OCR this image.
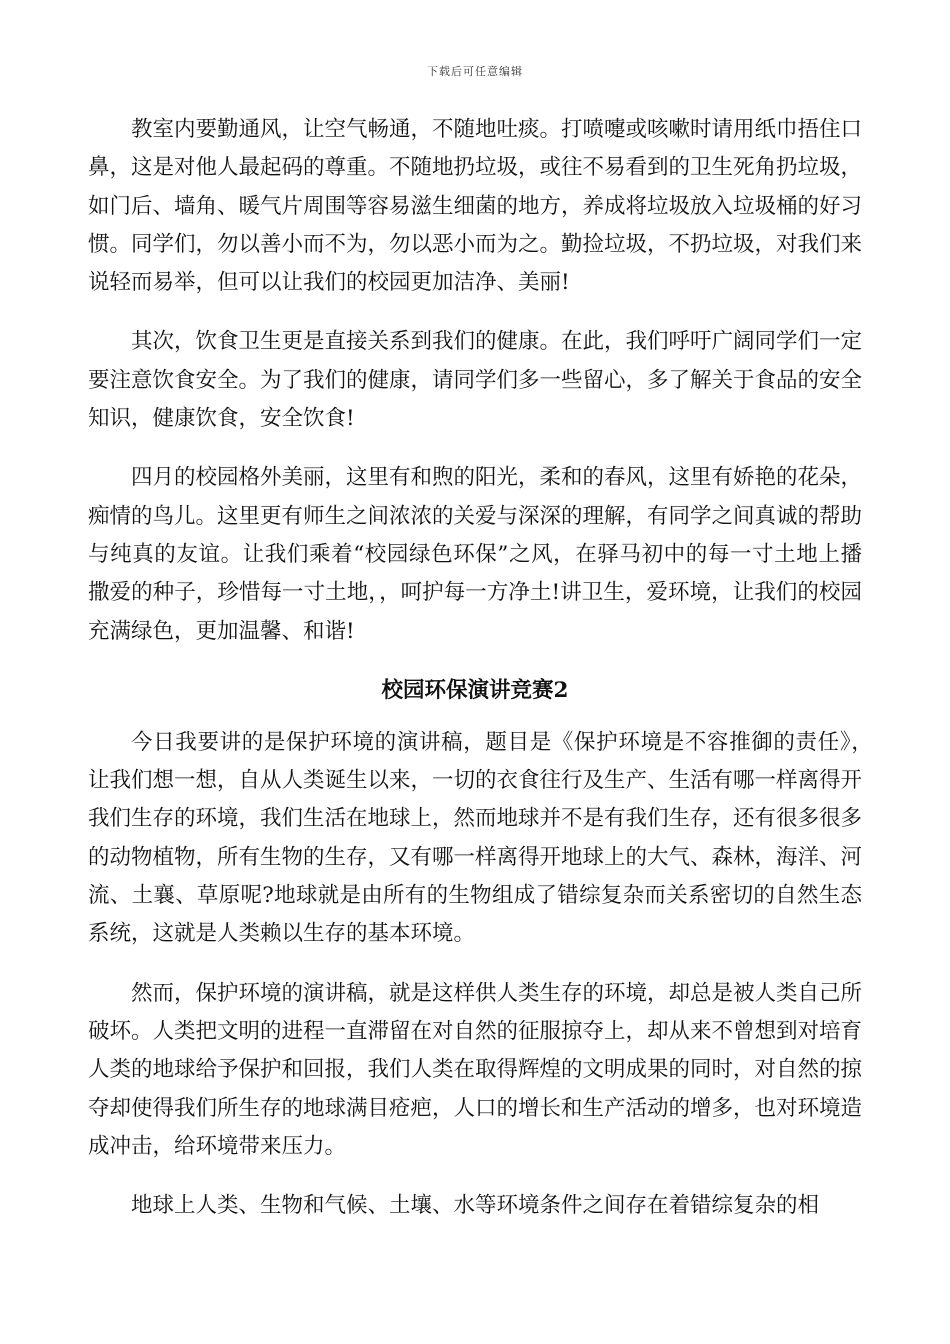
下载后可任意编辑

教室内要勤通风，让空气畅通，不随地吐痰。打喷嚏或咳嗽时请用纸巾捂住口鼻，这是对他人最起码的尊重。不随地扔垃圾，或往不易看到的卫生死角扔垃圾，如门后、墙角、暖气片周围等容易滋生细菌的地方，养成将垃圾放入垃圾桶的好习惯。同学们，勿以善小而不为，勿以恶小而为之。勤捡垃圾，不扔垃圾，对我们来说轻而易举，但可以让我们的校园更加洁净、美丽!

其次，饮食卫生更是直接关系到我们的健康。在此，我们呼吁广阔同学们一定要注意饮食安全。为了我们的健康，请同学们多一些留心，多了解关于食品的安全知识，健康饮食，安全饮食!

四月的校园格外美丽，这里有和煦的阳光，柔和的春风，这里有娇艳的花朵，痴情的鸟儿。这里更有师生之间浓浓的关爱与深深的理解，有同学之间真诚的帮助与纯真的友谊。让我们乘着“校园绿色环保”之风，在驿马初中的每一寸土地上播撒爱的种子，珍惜每一寸土地，，呵护每一方净土!讲卫生，爱环境，让我们的校园充满绿色，更加温馨、和谐!

校园环保演讲竞赛2

今日我要讲的是保护环境的演讲稿，题目是《保护环境是不容推御的责任》，　让我们想一想，自从人类诞生以来，一切的衣食往行及生产、生活有哪一样离得开我们生存的环境，我们生活在地球上，然而地球并不是有我们生存，还有很多很多的动物植物，所有生物的生存，又有哪一样离得开地球上的大气、森林，海洋、河流、土襄、草原呢?地球就是由所有的生物组成了错综复杂而关系密切的自然生态系统，这就是人类赖以生存的基本环境。

然而，保护环境的演讲稿，就是这样供人类生存的环境，却总是被人类自己所破坏。人类把文明的进程一直滞留在对自然的征服掠夺上，却从来不曾想到对培育人类的地球给予保护和回报，我们人类在取得辉煌的文明成果的同时，对自然的掠夺却使得我们所生存的地球满目疮疤，人口的增长和生产活动的增多，也对环境造成冲击，给环境带来压力。

地球上人类、生物和气候、土壤、水等环境条件之间存在着错综复杂的相
